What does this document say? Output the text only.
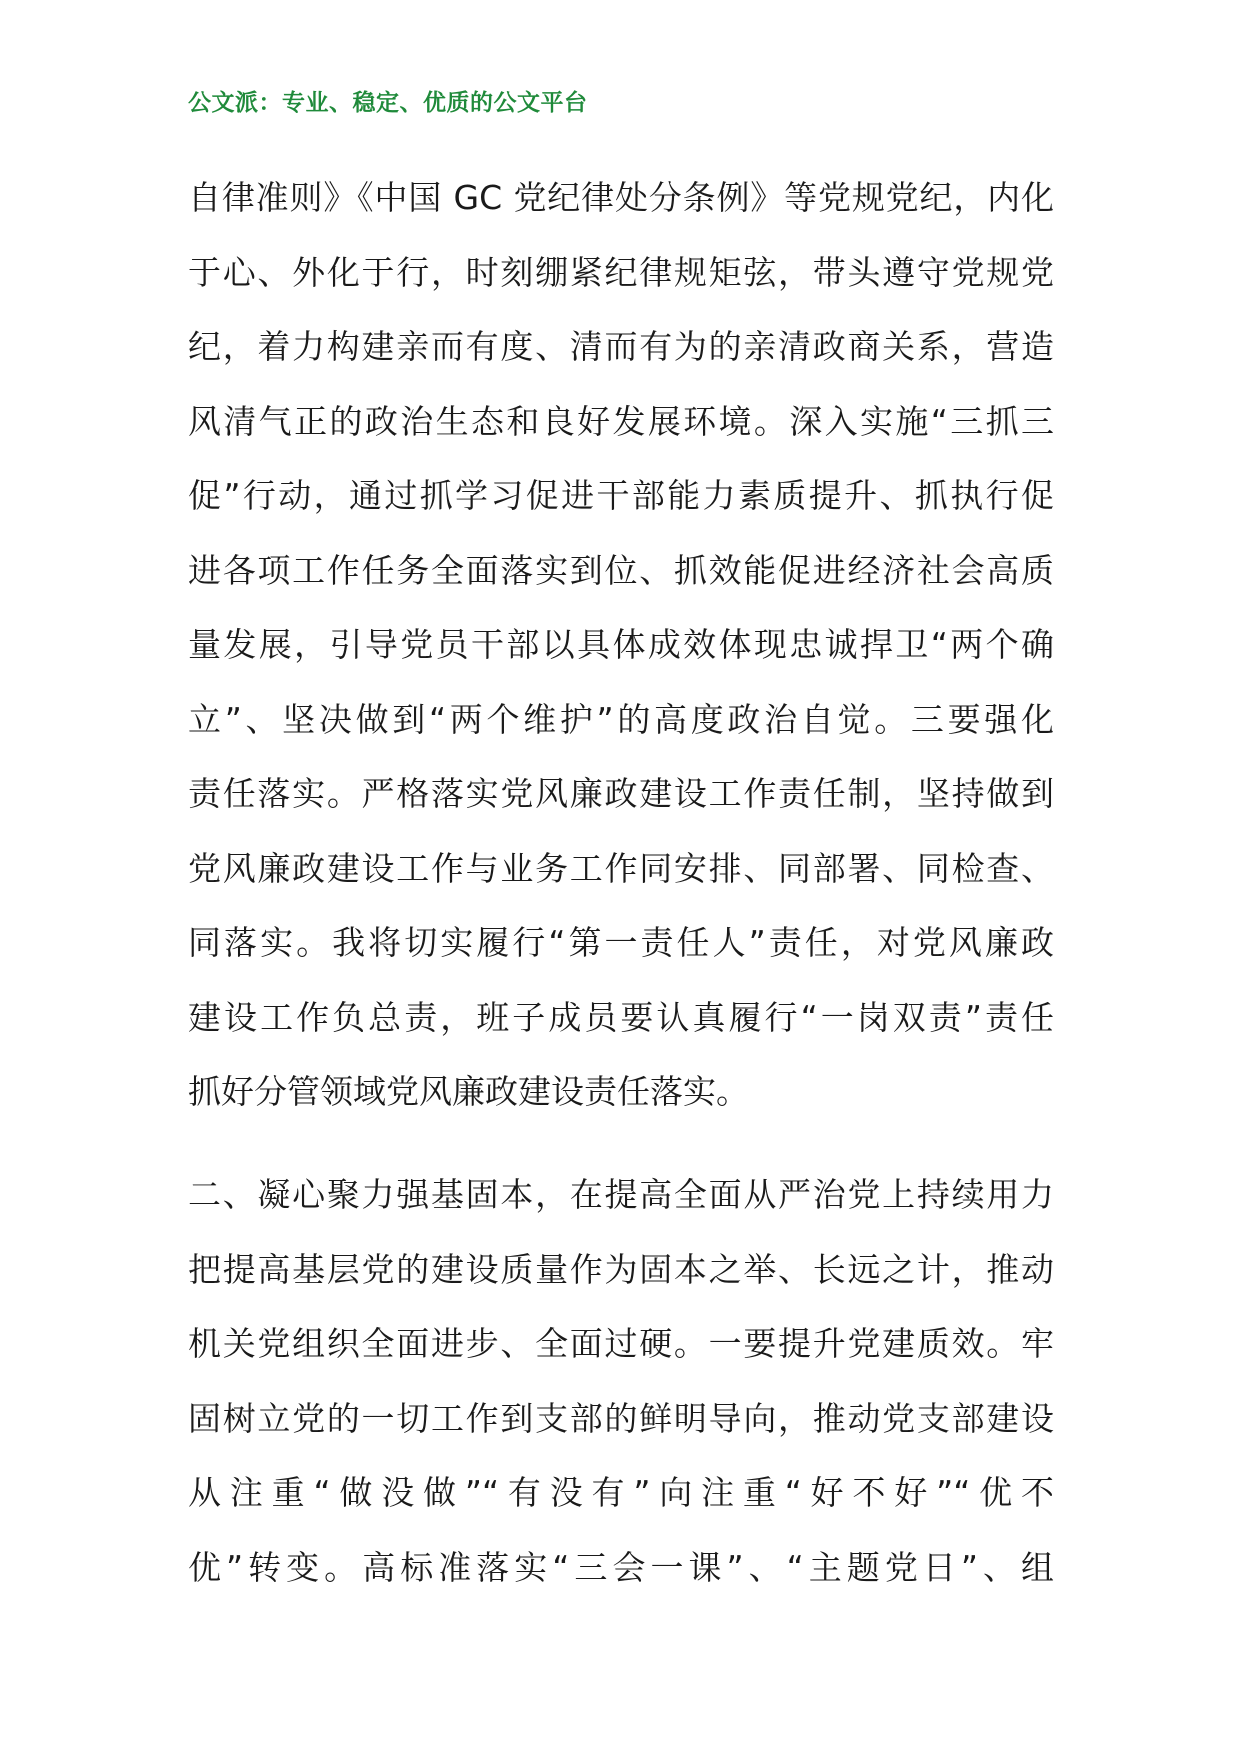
公文派：专业、稳定、优质的公文平台
自律准则》《中国 GC 党纪律处分条例》等党规党纪，内化
于心、外化于行，时刻绷紧纪律规矩弦，带头遵守党规党
纪，着力构建亲而有度、清而有为的亲清政商关系，营造
风清气正的政治生态和良好发展环境。深入实施“三抓三
促”行动，通过抓学习促进干部能力素质提升、抓执行促
进各项工作任务全面落实到位、抓效能促进经济社会高质
量发展，引导党员干部以具体成效体现忠诚捍卫“两个确
立”、坚决做到“两个维护”的高度政治自觉。三要强化
责任落实。严格落实党风廉政建设工作责任制，坚持做到
党风廉政建设工作与业务工作同安排、同部署、同检查、
同落实。我将切实履行“第一责任人”责任，对党风廉政
建设工作负总责，班子成员要认真履行“一岗双责”责任
抓好分管领域党风廉政建设责任落实。
二、凝心聚力强基固本，在提高全面从严治党上持续用力
把提高基层党的建设质量作为固本之举、长远之计，推动
机关党组织全面进步、全面过硬。一要提升党建质效。牢
固树立党的一切工作到支部的鲜明导向，推动党支部建设
从注重“做没做”“有没有”向注重“好不好”“优不
优”转变。高标准落实“三会一课”、“主题党日”、组
